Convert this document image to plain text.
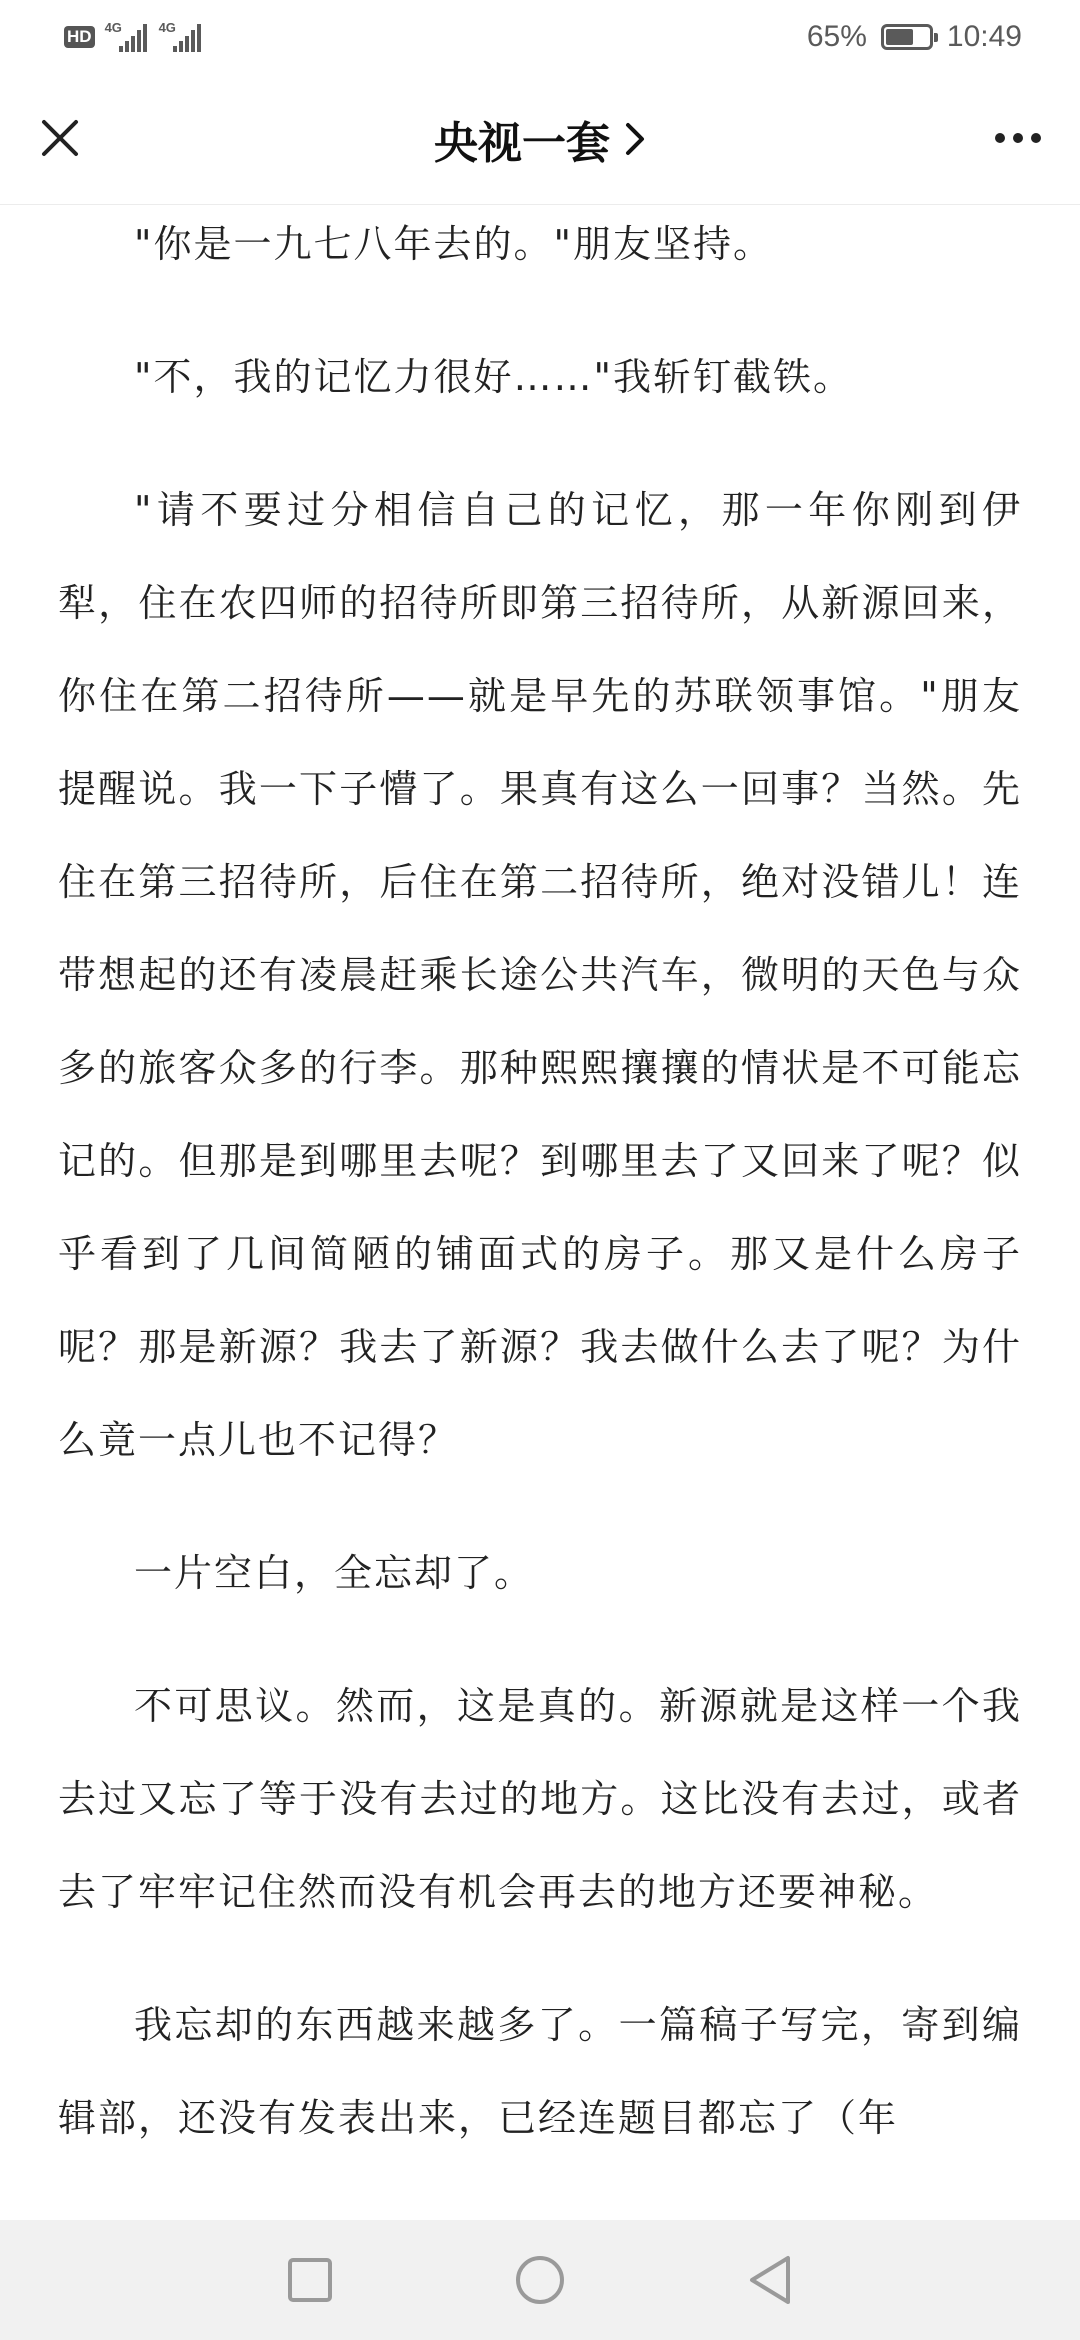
HD 4G	4G	65%	10:49
央视一套

"你是一九七八年去的。"朋友坚持。

"不，我的记忆力很好……"我斩钉截铁。

"请不要过分相信自己的记忆，那一年你刚到伊犁，住在农四师的招待所即第三招待所，从新源回来，你住在第二招待所——就是早先的苏联领事馆。"朋友提醒说。我一下子懵了。果真有这么一回事？当然。先住在第三招待所，后住在第二招待所，绝对没错儿！连带想起的还有凌晨赶乘长途公共汽车，微明的天色与众多的旅客众多的行李。那种熙熙攘攘的情状是不可能忘记的。但那是到哪里去呢？到哪里去了又回来了呢？似乎看到了几间简陋的铺面式的房子。那又是什么房子呢？那是新源？我去了新源？我去做什么去了呢？为什么竟一点儿也不记得？

一片空白，全忘却了。

不可思议。然而，这是真的。新源就是这样一个我去过又忘了等于没有去过的地方。这比没有去过，或者去了牢牢记住然而没有机会再去的地方还要神秘。

我忘却的东西越来越多了。一篇稿子写完，寄到编辑部，还没有发表出来，已经连题目都忘了（年
